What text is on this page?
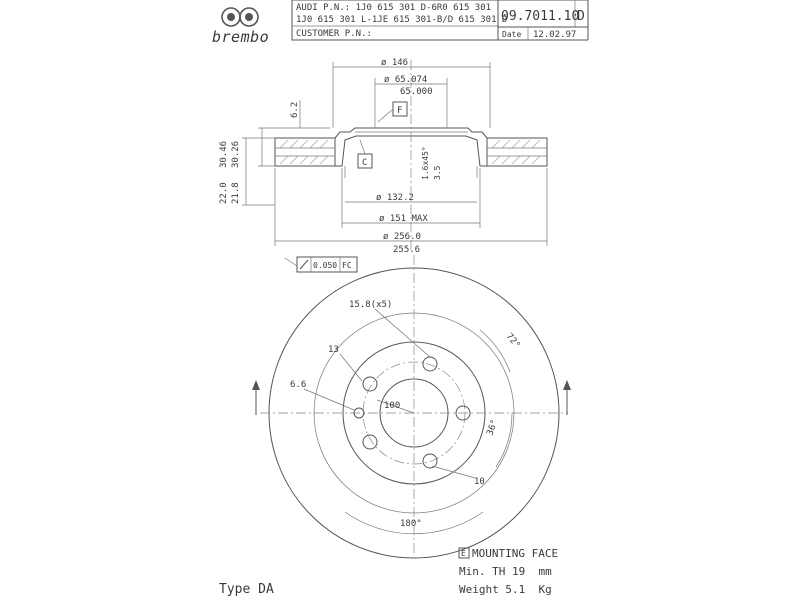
brembo
AUDI P.N.: 1J0 615 301 D-6R0 615 301
1J0 615 301 L-1JE 615 301-B/D 615 301 D
CUSTOMER P.N.:
09.7011.10
D
Date 12.02.97
ø 146
ø 65.074
65.000
ø 132.2
ø 151 MAX
ø 256.0
255.6
30.46 30.26
22.0 21.8
6.2	F
C	1.6x45° 3.5
0.050 FC
15.8(x5)
13
6.6
100
72°
36°
10
180°
E MOUNTING FACE
Min. TH 19  mm
Weight 5.1  Kg
Type DA
